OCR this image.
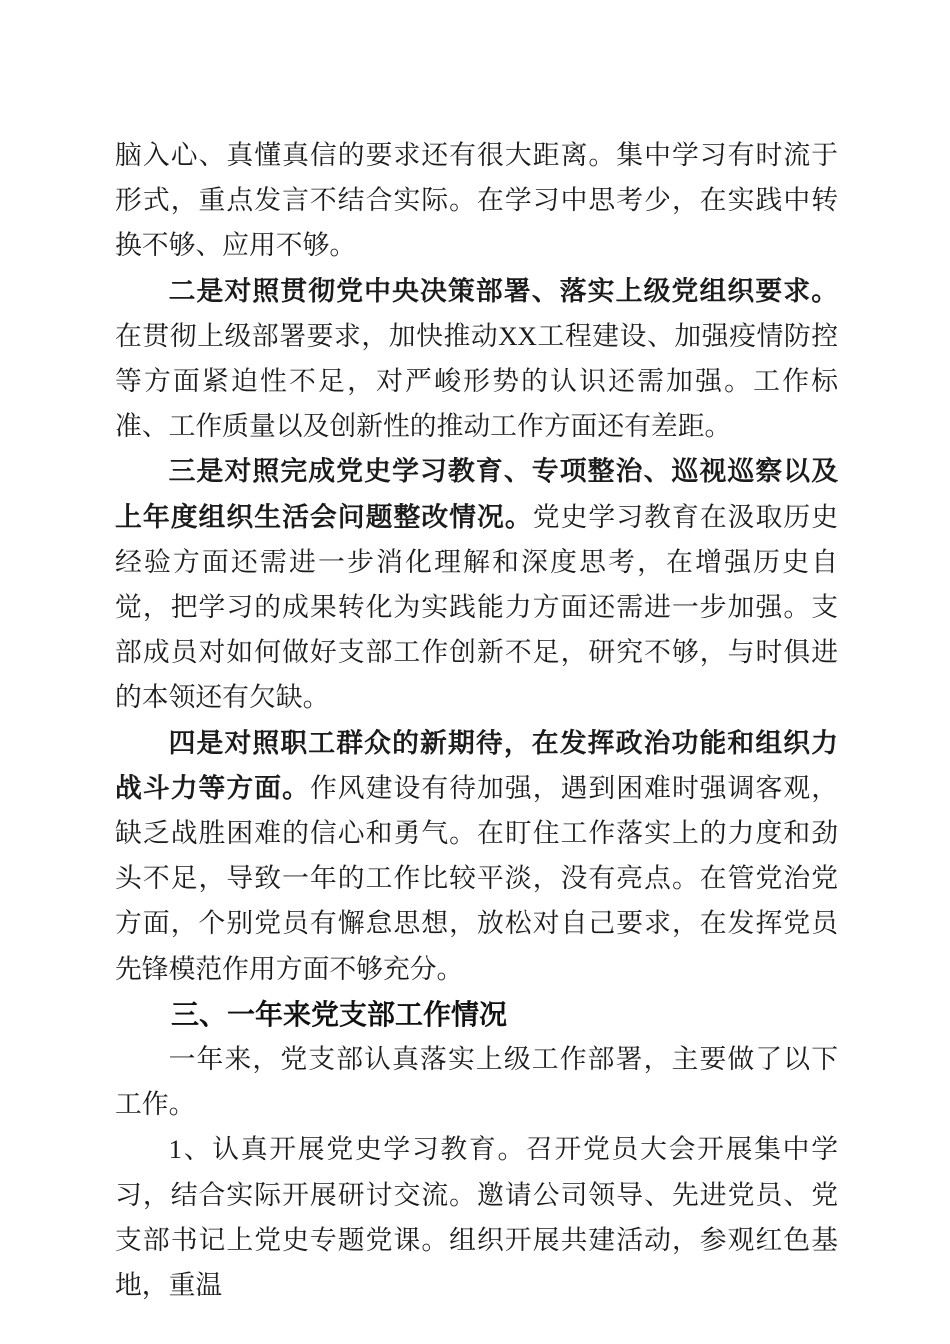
脑入心、真懂真信的要求还有很大距离。集中学习有时流于形式，重点发言不结合实际。在学习中思考少，在实践中转换不够、应用不够。

二是对照贯彻党中央决策部署、落实上级党组织要求。在贯彻上级部署要求，加快推动XX工程建设、加强疫情防控等方面紧迫性不足，对严峻形势的认识还需加强。工作标准、工作质量以及创新性的推动工作方面还有差距。

三是对照完成党史学习教育、专项整治、巡视巡察以及上年度组织生活会问题整改情况。党史学习教育在汲取历史经验方面还需进一步消化理解和深度思考，在增强历史自觉，把学习的成果转化为实践能力方面还需进一步加强。支部成员对如何做好支部工作创新不足，研究不够，与时俱进的本领还有欠缺。

四是对照职工群众的新期待，在发挥政治功能和组织力战斗力等方面。作风建设有待加强，遇到困难时强调客观，缺乏战胜困难的信心和勇气。在盯住工作落实上的力度和劲头不足，导致一年的工作比较平淡，没有亮点。在管党治党方面，个别党员有懈怠思想，放松对自己要求，在发挥党员先锋模范作用方面不够充分。

三、一年来党支部工作情况

一年来，党支部认真落实上级工作部署，主要做了以下工作。

1、认真开展党史学习教育。召开党员大会开展集中学习，结合实际开展研讨交流。邀请公司领导、先进党员、党支部书记上党史专题党课。组织开展共建活动，参观红色基地，重温
